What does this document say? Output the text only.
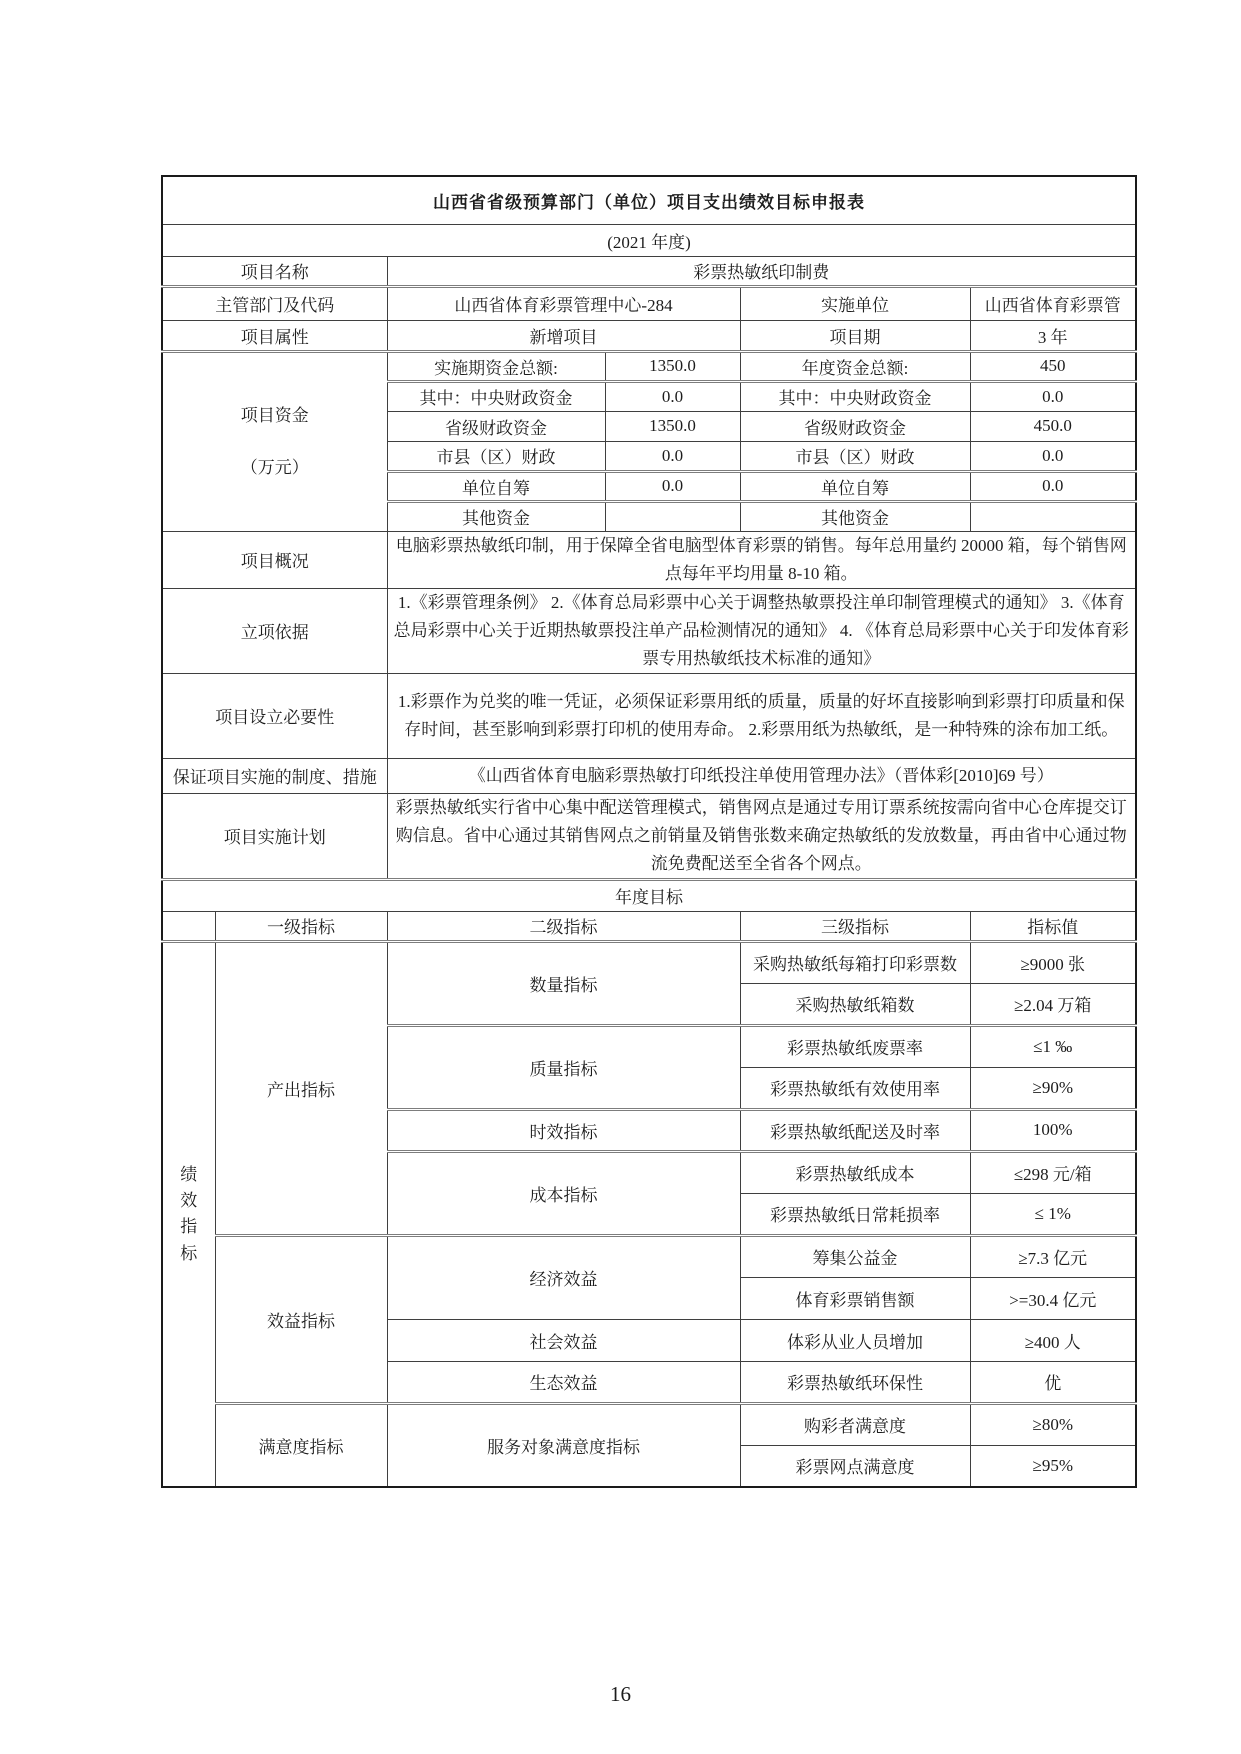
山西省省级预算部门（单位）项目支出绩效目标申报表					
(2021 年度)					
项目名称		彩票热敏纸印制费			
主管部门及代码		山西省体育彩票管理中心-284		实施单位	山西省体育彩票管
项目属性		新增项目		项目期	3 年

项目资金
（万元）		实施期资金总额:	1350.0	年度资金总额:	450
		其中：中央财政资金	0.0	其中：中央财政资金	0.0
		省级财政资金	1350.0	省级财政资金	450.0
		市县（区）财政	0.0	市县（区）财政	0.0
		单位自筹	0.0	单位自筹	0.0
		其他资金		其他资金	
项目概况		电脑彩票热敏纸印制，用于保障全省电脑型体育彩票的销售。每年总用量约 20000 箱，每个销售网点每年平均用量 8-10 箱。			
立项依据		1.《彩票管理条例》 2.《体育总局彩票中心关于调整热敏票投注单印制管理模式的通知》 3.《体育总局彩票中心关于近期热敏票投注单产品检测情况的通知》 4. 《体育总局彩票中心关于印发体育彩票专用热敏纸技术标准的通知》			
项目设立必要性		1.彩票作为兑奖的唯一凭证，必须保证彩票用纸的质量，质量的好坏直接影响到彩票打印质量和保存时间，甚至影响到彩票打印机的使用寿命。 2.彩票用纸为热敏纸，是一种特殊的涂布加工纸。			
保证项目实施的制度、措施		《山西省体育电脑彩票热敏打印纸投注单使用管理办法》（晋体彩[2010]69 号）			
项目实施计划		彩票热敏纸实行省中心集中配送管理模式，销售网点是通过专用订票系统按需向省中心仓库提交订购信息。省中心通过其销售网点之前销量及销售张数来确定热敏纸的发放数量，再由省中心通过物流免费配送至全省各个网点。			
年度目标					
	一级指标	二级指标		三级指标	指标值

绩效指标	产出指标	数量指标		采购热敏纸每箱打印彩票数	≥9000 张
				采购热敏纸箱数	≥2.04 万箱
		质量指标		彩票热敏纸废票率	≤1 ‰
				彩票热敏纸有效使用率	≥90%
		时效指标		彩票热敏纸配送及时率	100%
		成本指标		彩票热敏纸成本	≤298 元/箱
				彩票热敏纸日常耗损率	≤ 1%
	效益指标	经济效益		筹集公益金	≥7.3 亿元
				体育彩票销售额	>=30.4 亿元
		社会效益		体彩从业人员增加	≥400 人
		生态效益		彩票热敏纸环保性	优
	满意度指标	服务对象满意度指标		购彩者满意度	≥80%
				彩票网点满意度	≥95%
16
